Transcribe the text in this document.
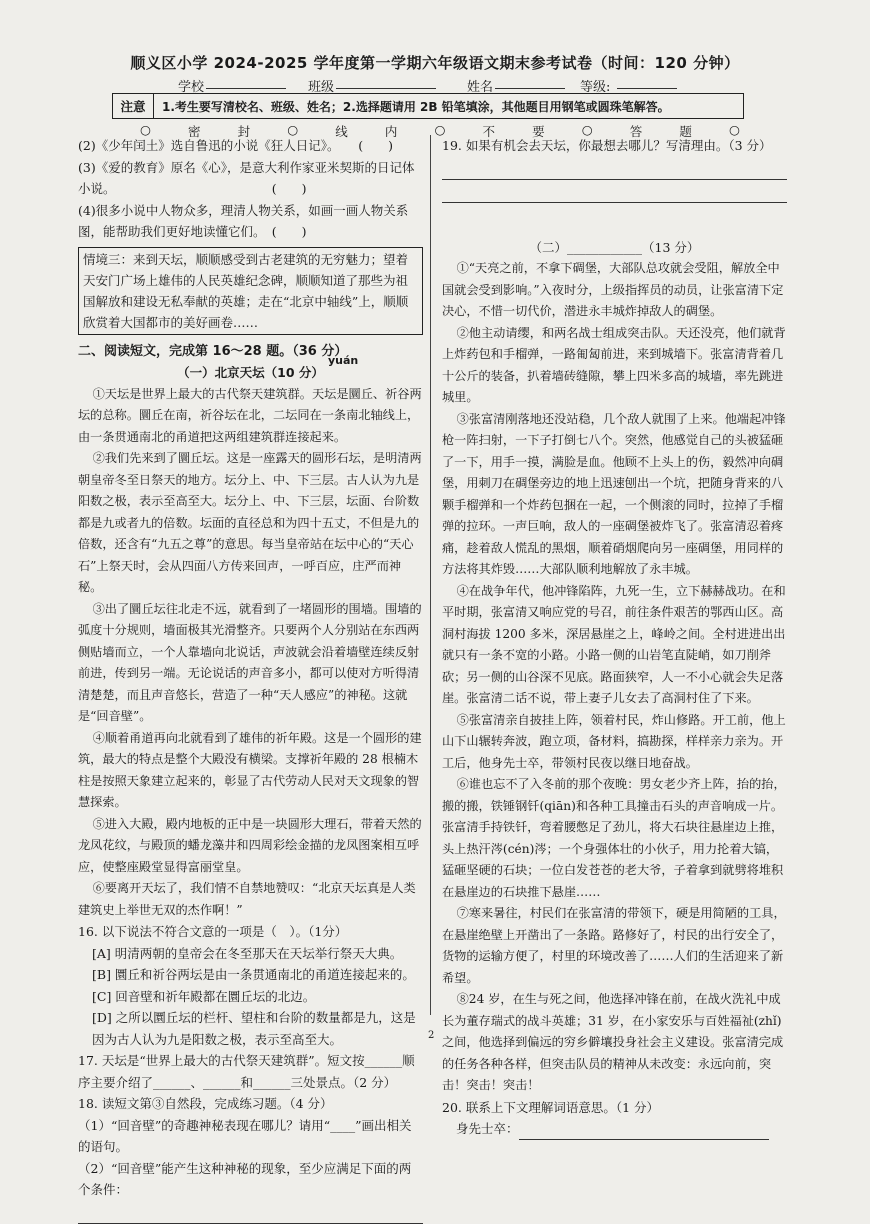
顺义区小学 2024-2025 学年度第一学期六年级语文期末参考试卷（时间：120 分钟）
学校	班级	姓名	等级:
注意	1.考生要写清校名、班级、姓名；2.选择题请用 2B 铅笔填涂，其他题目用钢笔或圆珠笔解答。
○	密	封	○	线	内	○	不	要	○	答	题	○

(2)《少年闰土》选自鲁迅的小说《狂人日记》。　　(　　)

(3)《爱的教育》原名《心》，是意大利作家亚米契斯的日记体小说。　　　　　　　　　　　　　(　　)

(4)很多小说中人物众多，理清人物关系，如画一画人物关系图，能帮助我们更好地读懂它们。　(　　)

情境三：来到天坛，顺顺感受到古老建筑的无穷魅力；望着天安门广场上雄伟的人民英雄纪念碑，顺顺知道了那些为祖国解放和建设无私奉献的英雄；走在“北京中轴线”上，顺顺欣赏着大国都市的美好画卷……

二、阅读短文，完成第 16～28 题。（36 分）

（一）北京天坛（10 分）
yuán

①天坛是世界上最大的古代祭天建筑群。天坛是圜丘、祈谷两坛的总称。圜丘在南，祈谷坛在北，二坛同在一条南北轴线上，由一条贯通南北的甬道把这两组建筑群连接起来。

②我们先来到了圜丘坛。这是一座露天的圆形石坛，是明清两朝皇帝冬至日祭天的地方。坛分上、中、下三层。古人认为九是阳数之极，表示至高至大。坛分上、中、下三层，坛面、台阶数都是九或者九的倍数。坛面的直径总和为四十五丈，不但是九的倍数，还含有“九五之尊”的意思。每当皇帝站在坛中心的“天心石”上祭天时，会从四面八方传来回声，一呼百应，庄严而神秘。

③出了圜丘坛往北走不远，就看到了一堵圆形的围墙。围墙的弧度十分规则，墙面极其光滑整齐。只要两个人分别站在东西两侧贴墙而立，一个人靠墙向北说话，声波就会沿着墙壁连续反射前进，传到另一端。无论说话的声音多小，都可以使对方听得清清楚楚，而且声音悠长，营造了一种“天人感应”的神秘。这就是“回音壁”。

④顺着甬道再向北就看到了雄伟的祈年殿。这是一个圆形的建筑，最大的特点是整个大殿没有横梁。支撑祈年殿的 28 根楠木柱是按照天象建立起来的，彰显了古代劳动人民对天文现象的智慧探索。

⑤进入大殿，殿内地板的正中是一块圆形大理石，带着天然的龙凤花纹，与殿顶的蟠龙藻井和四周彩绘金描的龙凤图案相互呼应，使整座殿堂显得富丽堂皇。

⑥要离开天坛了，我们情不自禁地赞叹：“北京天坛真是人类建筑史上举世无双的杰作啊！”

16. 以下说法不符合文意的一项是（　）。（1分）

[A] 明清两朝的皇帝会在冬至那天在天坛举行祭天大典。

[B] 圜丘和祈谷两坛是由一条贯通南北的甬道连接起来的。

[C] 回音壁和祈年殿都在圜丘坛的北边。

[D] 之所以圜丘坛的栏杆、望柱和台阶的数量都是九，这是因为古人认为九是阳数之极，表示至高至大。

17. 天坛是“世界上最大的古代祭天建筑群”。短文按______顺序主要介绍了______、______和______三处景点。（2 分）

18. 读短文第③自然段，完成练习题。（4 分）

（1）“回音壁”的奇趣神秘表现在哪儿？请用“____”画出相关的语句。

（2）“回音壁”能产生这种神秘的现象，至少应满足下面的两个条件：

19. 如果有机会去天坛，你最想去哪儿？写清理由。（3 分）

（二）____________（13 分）

①“天亮之前，不拿下碉堡，大部队总攻就会受阻，解放全中国就会受到影响。”入夜时分，上级指挥员的动员，让张富清下定决心，不惜一切代价，潜进永丰城炸掉敌人的碉堡。

②他主动请缨，和两名战士组成突击队。天还没亮，他们就背上炸药包和手榴弹，一路匍匐前进，来到城墙下。张富清背着几十公斤的装备，扒着墙砖缝隙，攀上四米多高的城墙，率先跳进城里。

③张富清刚落地还没站稳，几个敌人就围了上来。他端起冲锋枪一阵扫射，一下子打倒七八个。突然，他感觉自己的头被猛砸了一下，用手一摸，满脸是血。他顾不上头上的伤，毅然冲向碉堡，用刺刀在碉堡旁边的地上迅速刨出一个坑，把随身背来的八颗手榴弹和一个炸药包捆在一起，一个侧滚的同时，拉掉了手榴弹的拉环。一声巨响，敌人的一座碉堡被炸飞了。张富清忍着疼痛，趁着敌人慌乱的黑烟，顺着硝烟爬向另一座碉堡，用同样的方法将其炸毁……大部队顺利地解放了永丰城。

④在战争年代，他冲锋陷阵，九死一生，立下赫赫战功。在和平时期，张富清又响应党的号召，前往条件艰苦的鄂西山区。高洞村海拔 1200 多米，深居悬崖之上，峰岭之间。全村进进出出就只有一条不宽的小路。小路一侧的山岩笔直陡峭，如刀削斧砍；另一侧的山谷深不见底。路面狭窄，人一不小心就会失足落崖。张富清二话不说，带上妻子儿女去了高洞村住了下来。

⑤张富清亲自披挂上阵，领着村民，炸山修路。开工前，他上山下山辗转奔波，跑立项，备材料，搞勘探，样样亲力亲为。开工后，他身先士卒，带领村民夜以继日地奋战。

⑥谁也忘不了入冬前的那个夜晚：男女老少齐上阵，抬的抬，搬的搬，铁锤钢钎(qiān)和各种工具撞击石头的声音响成一片。张富清手持铁钎，弯着腰憋足了劲儿，将大石块往悬崖边上推，头上热汗涔(cén)涔；一个身强体壮的小伙子，用力抡着大镐，猛砸坚硬的石块；一位白发苍苍的老大爷，子着拿到就劈将堆积在悬崖边的石块推下悬崖……

⑦寒来暑往，村民们在张富清的带领下，硬是用简陋的工具，在悬崖绝壁上开凿出了一条路。路修好了，村民的出行安全了，货物的运输方便了，村里的环境改善了……人们的生活迎来了新希望。

⑧24 岁，在生与死之间，他选择冲锋在前，在战火洗礼中成长为董存瑞式的战斗英雄；31 岁，在小家安乐与百姓福祉(zhǐ)之间，他选择到偏远的穷乡僻壤投身社会主义建设。张富清完成的任务各种各样，但突击队员的精神从未改变：永远向前，突击！突击！突击！

20. 联系上下文理解词语意思。（1 分）

身先士卒：

2
